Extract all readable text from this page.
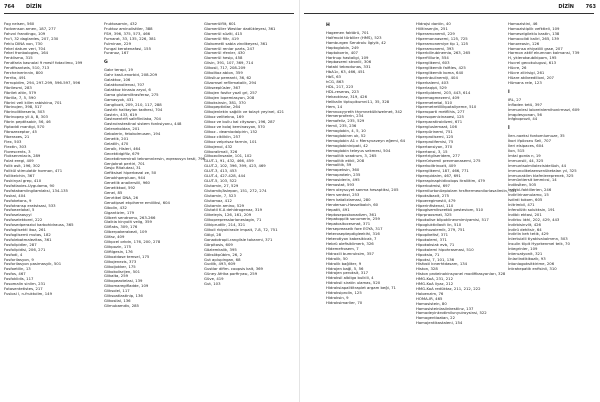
764 DİZİN
Fog nelsen, 560
Fodvenson amen, 187, 277
Fahvvl frandingo, 109
Fro'l, 32 daglardes, 207, 230
Feklu DINA von, 730
Fekel datum veri, 704
Fekel fronbologies, 164
Fenklismo, 315
Fendfaria kasnalai 9 meslf fotaclimo, 199
Fendfisantwis, 510, 713
Fercheinerinnin, 800
Ferrito, 491
Ferropidim, 294, 297-299, 596-597, 596
Fibrilesmi, 283
Fibrilet altin, 579
Fibrilla, 7, 5, 590
Fibrini veli kilim rabiskina, 701
Fibrinojen, 398, 517
Fibrinolitikeseria, 503
Fibrinopep yli A, B, 303
Fibrin peptitsabir, 56, 46
Fiptaddi mantigi, 570
Fibrozexeptor, 45
Fiberaxes, 21
Flex, 503
Flextin, 303
Florescents, 3
Floksenmiacis, 289
Folat eregi, 409
Folik asit, 196, 302
Folikül stimulatör hormon, 471
Follikelchin, 367
Foskinyal grep, 410
Fosfatlaxies-Uygulama, 90
Fosfatakamiingilamlaksi, 134-135
Foskal, 404
Fosfoketons, 9
Fosfotransp eratstsasi, 533
Fosfoezelokal, 5
Fosfoselaasyyl
Fosfoselektorel, 222
Fosfosedperaziol karbohidrauss, 365
Fosfoglisektl ikoz, 261
Fosfoglisemt mutas, 182
Fosfolebatmalezitas, 361
Fosfolipidler, 287
Fosfolipidisi, 206, 271
Fosfodi, 4
Fosforilasyon, 9
Fosforilasyon pasimasyik, 501
Fosfoetilin, 13
Fosfos, 467
Fosfoklidis, 117
Fosomalin sinlim, 231
Fotosentetistes, 217
Fuslosi l, n-fruktolim, 149
Fruktosamin, 432
Fruktoz aminolisttler, 388
FSH, 396, 375, 573, 466
Fumarat, 33, 135, 226, 381
Fulminan, 229
Fungal keratenafasi, 155
Furanoz, 167
G
Gabr terapi, 19
Gahr kasli-enorbid, 208-209
Galaktoz, 106
Galaktonollerosi, 707
Galaktoz kinasio aryol, 6
Gama glutamiltrasferaz, 275
Gamasyok, 431
Gangliozit, 209, 210, 117, 288
Gastrik halitaylan tadhesi, 704
Gastrin, 433, 619
Gastroentrifi salkflinilaka, 704
Gastroinstestinal sistem fonksiyonu, 448
Gelenekoldan, 201
Gebolerin, fetokolmusen, 194
Genetik, 201
Gelatlih, 470
Geralk, Hisleri, 464
Gecektidgifilz, 679
Gecekdimemirali tekromnlersin, eqreavsyn testi, 796
Genjokrat pertiri, 701
Gesjo Ritalutasi, 31
Gefiksisel hiperbezal ze, 50
Genokhperpluan, 944
Genetlik anailersilil, 960
Genetikkod, 592
Genel, 85
Genrtikel DNA, 26
Genotipsel ekpiherre emiiliksi, 604
Gibolin, 432
Gigantizim, 179
Gilbert sendromu, 263-266
Glaikia kinyolit velig, 359
Gliflaks, 309, 176
Gliberpakerabezii, 109
Glifaz, 409
Glikpcel orkdn, 176, 200, 278
Glikpozin, 175
Gliftlgesin, 176
Glikozidase temsel, 175
Glikojenezis, 373
Glikoijokker, 175
Glikokolisrijen, 501
Glikalta, 259
Glikopezotelasi, 139
Glikomaregifladde, 109
Gliksolel, 117
Gliksoatlastinip, 136
Glikosilal, 136
Glimubamdiv, 285
Glomerülflit, 601
Glomerüller Westlar dadükleyesi, 361
Glomerül süzlti, 415
Glomerül filtr, 419
Glokometli sabla zindikeyesi, 361
Glomerül renlar parts, 247
Glomerül rfenler, 430
Glomerül hesip, 458
Glisin, 391, 107, 369, 714
Glikosil, 717, 208-209
Glikolitoz ablon, 359
Gliksliuz pereanti, 36, 62
Glizomsel reflirmatalik, 294
Glikseeplüsler, 367
Glikojen fosfor yazil grl, 257
Glikojen lopemiasyon, 208
Glikoksinsin, 381, 370
Glikopeptidlar, 264
Glikojenlekin sağılik ve tolayt yeyinel, 421
Glikoz velitekno, 169
Glikoz ve bullu kal cityazon, 196, 287
Glikoz ve kolaj keminasyon, 570
Glikoz - deamiodalpirin, 152
Glikoz ciklikiin, 257
Glikoz velprisaz farmin, 101
Glikojenol, 432
Glikoralimali, 326
Glikozolinsaste, 101, 102
GLUT-1, 91, 432, 466, 459
GLUT-2, 102, 396, 399, 423, 469
GLUT-3, 413, 453
GLUT-4, 427-428, 444
GLUT-5, 103, 522
Glutamin, 27, 529
Glutamik/Aslepon, 151, 272, 274
Glutamin, 7, 523
Glutamaz, 412
Glutamin amino, 529
Glutatil K.A dehidrogenaz, 319
Glikeleyis, 126, 161, 209
Glikoprepresslarloneslagin, 71
Glikiprudilir, 214, 321
Glikoli rbiyokirasle impait, 7-8, 72, 751
Gölgi, 28
Gonadotropil-rangilsle tokanmi, 371
Görpitosis, 609
Gözlemkalik, 395
Göksökpübim, 26, 2
Gut aplupingan, 68
Gudilk, 493, 609
Gustlar difim. coopsis kalt, 369
Güney Afrika porfiryası, 259
Güve, 419
Gut, 103
DİZİN 763
H
Hagemen faktörü, 701
Halfmoid türbliler (HMS), 523
Hamburgen Sendrolu İlgiyik, 42
Haptoglobin, 249
Haptokorrin, 407
Hartnup hastaligi, 109
Hepbasemi stronlii, 306
Hatakl tebrodunas, 331
HbA1c, 63, 466, 451
HbS, 63
hCG, 863
HDL, 217, 223
HDL-reseras, 223
Hekzokinaz, 319, 426
Helikalin tiptupikumni11, 35, 328
Hem, 14
Hemnoxyyreth thymnekülklwelmet, 342
Hemerproferin, 234
Hemofeliz, 235, 529
Hemil, 235, 236
Hemoglobin, 4, 5, 10
Hemoglobinm uk, 52
Hemoglobin A1 c Mersyvaveyn eğemi, 64
Hemoglobininipati, 42
Hemoglobin teleyus sekmesi, 504
Hemolitik seadrum, 3, 265
Hemolitik etikli, 208
Hemolitik, 59
Hemopeksin, 360
Hemoprotein, 235
Hemosiderin, 495
Hemostat, 593
Hem oleysuyet sanma hesaptiksi, 205
Hem sentezi, 253
Hem katalizlamasi, 280
Henderson-Hasselbalch, 60
Hepatit, 491
Heptoseposkonadizm, 361
Hepatopplik sonumerin, 259
Hepatositocesmat, 371
Hersepreaseik fore EOYA, 317
Heteroseptepdigleekihi, 316
Heterotiyon kabesikicak, 7
Hebrü alefisiklimerk, 326
Hidemefrosem, 7
Hidraxili bumruksim, 357
Hidrolik, 50
Hidrolik bağliter, 9
Hidrojen bağl, 5, 56
Hidrojen peroksit, 317
Hidroksil albliga bulklli, 4
Hidroksil siratin ulamas, 520
Hidraksiapalititraplet argam beği, 71
Hidroksiprolin, 125
Hidroksin, 9
Hidroksimarlier, 70
Hidrojsi dontin, 40
Hiiltinsenjin, 251
Hiperamonemil, 229
Hipermonnasemi, 125, 725
Hiperamonemiye tip 1, 125
Hiperamonemi, 393
Hiperbilirubinemia, 263, 265
Hiperfilllurie, 554
Hiperglikemi, 603
Hiperglikemik faiftles, 425
Hiperglikemik koma, 640
Hiperinbulinemiji, 404
Hiperkalemi, 403
Hiperlaqipt, 529
Hiperlipidemi, 203, 443, 614
Hipermagmezeml, 409
Hipermetretal, 510
Hipermetretlllikpotaliyeme, 510
Hiperoparti metflihis, 277
Hipersopenicinaoesi, 125
Hiperparatiroidizmi, 671
Hipergluslemaat, 106
Hiperpürinemi, 751
Hiperprolisemi, 125
Hiperprolifemisi, 75
Hipertansiyon, 370
Hipertansi, 3, 15
Hipertrigliseridem, 277
Hiperürisemil prevmonasemi, 275
Hiperkoiltrinozit, 409
Hiperglikemi, 187, 466, 771
Hiperquidaim, 467, 691
Hiperapinaphidicolops itraliitim, 479
Hiperbutmisi, 697
Hiperdiurtonüepiolam hrsfhermeonilorlasalimiin, 331
Hipoksibaxit, 275
Hipoeregimestii, 479
Hiperinfistenal, 110
Hipoglsemikseetbü pesteviom, 510
Hiprpraosmat, 325
Hipokolise blipoklinevmimiyamisi, 517
Hipogluktidlavit lin, 510
Hiperhozolemik, 279, 751
Hipopikeltsf, 371
Hipokalemi, 371
Hipokaksiak evb, 71
Hipokalemi hipohrasmasi, 510
Hipoksia, 71
Hipoksi, 7, 101, 136
Hisfosti kınerhtdasam, 134
Histon, 328
Histon proteinokinsyonel modifikasyonları, 328
HMG-KoA, 231, 212
HMG-KoA liyaz, 212
HMG-KoA redüktaz, 211, 212, 222
Holoenzim, 76
HOMA-IR, 465
Homosistein, 80
Homosisteinlasiinkestiinz, 137
Homodeyinkrotimilunyuiroysinsi, 522
Homogentiaatan, 22
Homojentikastaleni, 154
Homozistini, 46
Homozistiplik vefktleli, 109
Homeselgileklu kastin, 138
Homocolidi kaliri, 265, 139
Honoreosin, 126
Homonsa ehiyatlili gsse, 207
Hormon aktif ekumnan kalmansi, 739
H, yklerokaubikipom, 195
Hucrel gecokulugusi, 613
Hücre, 26
Hücre zilirisigi, 261
Hüare akikeedilloni, 207
Hümans rele, 123
I
IRL, 27
İnfladen tetü, 397
İmmunlesl loloreinlemihonirmazi, 609
İmqplesyonan, 56
İnfgkoprozii, 44
İ
İlerı-noeksi fontomlumuze, 35
İkori ifpöcseu Seli, 707
İleri elsipaces, 604
İlon, 515
İmtal gorda n, 19
İmmunsiii, 44, 325
İmmuntsolmilolecisidelüoh, 44
İmmunolikelaensenüketalan yıl, 325
İmmunaklim klafmlereprenek, 325
İmmüntiersit bmmicsi, 14
İndiksİten, 505
İndirbl-faktillerien, 246
İndirlirinamulamo, 15
İsdirdi tokom, 605
İnltrimbil, 471
İnferolüttı solukksin, 191
İndiblı ektasi, 201
İndirbu lıkhl, 202, 429, 443
İndirbisinvlit, 426
İndirü dehitsir, 64
İndirlin keh tetik, 429
İnlertuizlli tiyakivalıolmmn, 503
İnsulin tiipit Hyprkenmel teik, 70
İntegrinler, 109
İnteruatyonit, 321
İinlarlindikikozik, 93
İntoniogoksitkirime, 206
İntrahepatik enfisinli, 310
